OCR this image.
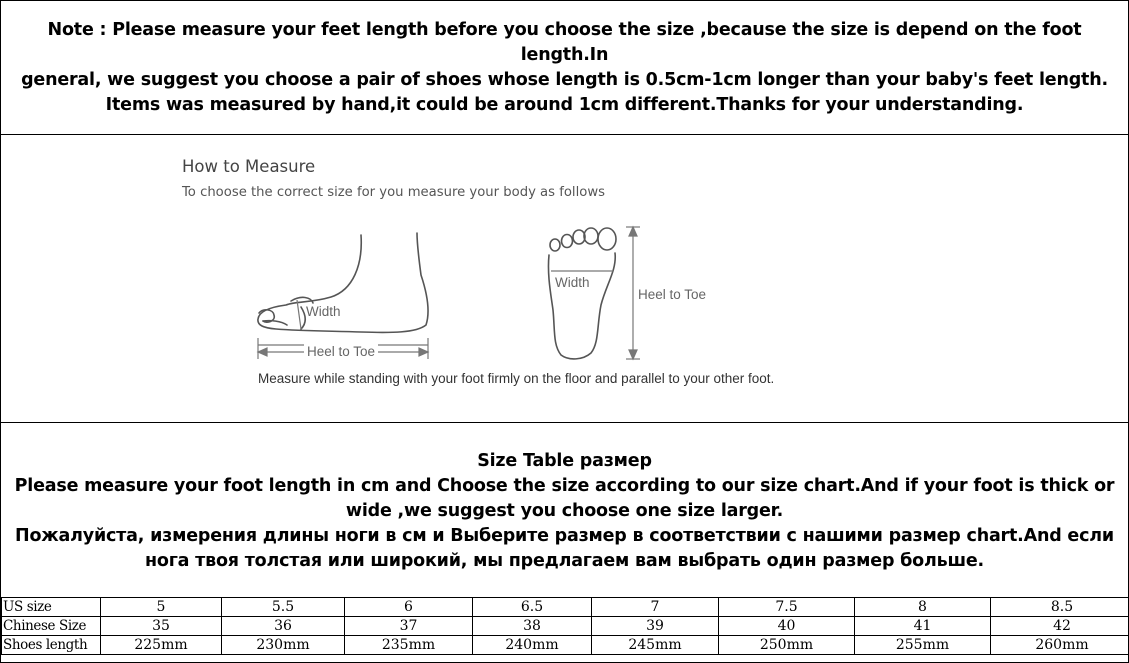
Note : Please measure your feet length before you choose the size ,because the size is depend on the foot length.In
general, we suggest you choose a pair of shoes whose length is 0.5cm-1cm longer than your baby's feet length.
Items was measured by hand,it could be around 1cm different.Thanks for your understanding.

How to Measure
To choose the correct size for you measure your body as follows
Width
Heel to Toe
Width
Heel to Toe
Measure while standing with your foot firmly on the floor and parallel to your other foot.

Size Table размер

Please measure your foot length in cm and Choose the size according to our size chart.And if your foot is thick or

wide ,we suggest you choose one size larger.

Пожалуйста, измерения длины ноги в см и Выберите размер в соответствии с нашими размер chart.And если

нога твоя толстая или широкий, мы предлагаем вам выбрать один размер больше.

US size	5	5.5	6	6.5	7	7.5	8	8.5
Chinese Size	35	36	37	38	39	40	41	42
Shoes length	225mm	230mm	235mm	240mm	245mm	250mm	255mm	260mm
